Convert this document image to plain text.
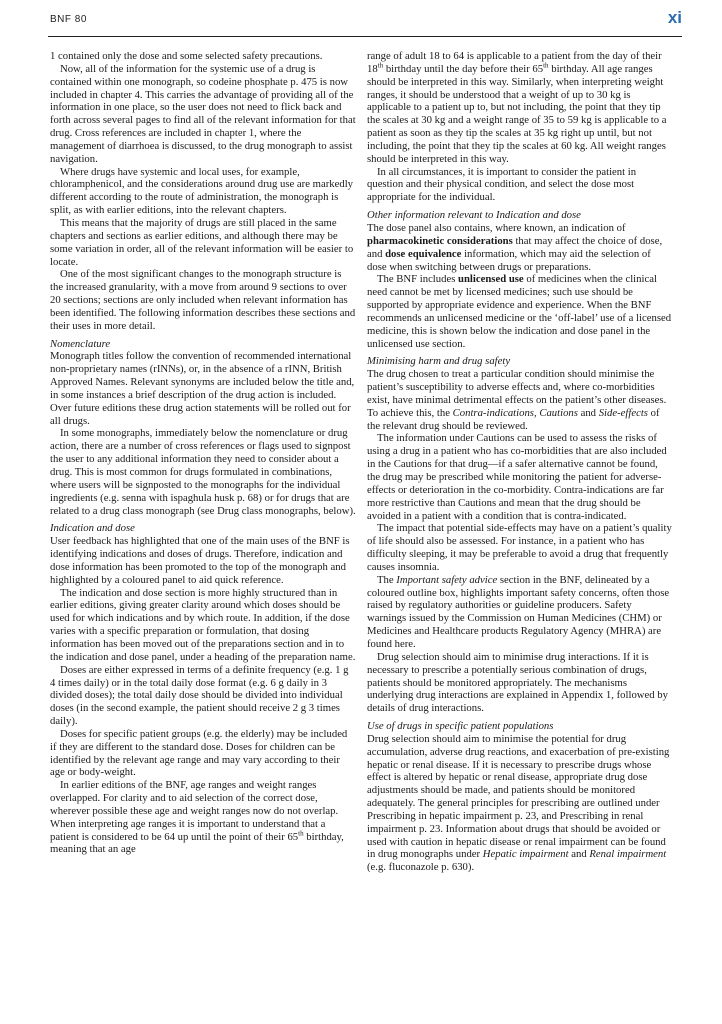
BNF 80	xi

1 contained only the dose and some selected safety precautions.

Now, all of the information for the systemic use of a drug is contained within one monograph, so codeine phosphate p. 475 is now included in chapter 4. This carries the advantage of providing all of the information in one place, so the user does not need to flick back and forth across several pages to find all of the relevant information for that drug. Cross references are included in chapter 1, where the management of diarrhoea is discussed, to the drug monograph to assist navigation.

Where drugs have systemic and local uses, for example, chloramphenicol, and the considerations around drug use are markedly different according to the route of administration, the monograph is split, as with earlier editions, into the relevant chapters.

This means that the majority of drugs are still placed in the same chapters and sections as earlier editions, and although there may be some variation in order, all of the relevant information will be easier to locate.

One of the most significant changes to the monograph structure is the increased granularity, with a move from around 9 sections to over 20 sections; sections are only included when relevant information has been identified. The following information describes these sections and their uses in more detail.

Nomenclature

Monograph titles follow the convention of recommended international non-proprietary names (rINNs), or, in the absence of a rINN, British Approved Names. Relevant synonyms are included below the title and, in some instances a brief description of the drug action is included. Over future editions these drug action statements will be rolled out for all drugs.

In some monographs, immediately below the nomenclature or drug action, there are a number of cross references or flags used to signpost the user to any additional information they need to consider about a drug. This is most common for drugs formulated in combinations, where users will be signposted to the monographs for the individual ingredients (e.g. senna with ispaghula husk p. 68) or for drugs that are related to a drug class monograph (see Drug class monographs, below).

Indication and dose

User feedback has highlighted that one of the main uses of the BNF is identifying indications and doses of drugs. Therefore, indication and dose information has been promoted to the top of the monograph and highlighted by a coloured panel to aid quick reference.

The indication and dose section is more highly structured than in earlier editions, giving greater clarity around which doses should be used for which indications and by which route. In addition, if the dose varies with a specific preparation or formulation, that dosing information has been moved out of the preparations section and in to the indication and dose panel, under a heading of the preparation name.

Doses are either expressed in terms of a definite frequency (e.g. 1 g 4 times daily) or in the total daily dose format (e.g. 6 g daily in 3 divided doses); the total daily dose should be divided into individual doses (in the second example, the patient should receive 2 g 3 times daily).

Doses for specific patient groups (e.g. the elderly) may be included if they are different to the standard dose. Doses for children can be identified by the relevant age range and may vary according to their age or body-weight.

In earlier editions of the BNF, age ranges and weight ranges overlapped. For clarity and to aid selection of the correct dose, wherever possible these age and weight ranges now do not overlap. When interpreting age ranges it is important to understand that a patient is considered to be 64 up until the point of their 65th birthday, meaning that an age

range of adult 18 to 64 is applicable to a patient from the day of their 18th birthday until the day before their 65th birthday. All age ranges should be interpreted in this way. Similarly, when interpreting weight ranges, it should be understood that a weight of up to 30 kg is applicable to a patient up to, but not including, the point that they tip the scales at 30 kg and a weight range of 35 to 59 kg is applicable to a patient as soon as they tip the scales at 35 kg right up until, but not including, the point that they tip the scales at 60 kg. All weight ranges should be interpreted in this way.

In all circumstances, it is important to consider the patient in question and their physical condition, and select the dose most appropriate for the individual.

Other information relevant to Indication and dose

The dose panel also contains, where known, an indication of pharmacokinetic considerations that may affect the choice of dose, and dose equivalence information, which may aid the selection of dose when switching between drugs or preparations.

The BNF includes unlicensed use of medicines when the clinical need cannot be met by licensed medicines; such use should be supported by appropriate evidence and experience. When the BNF recommends an unlicensed medicine or the ‘off-label’ use of a licensed medicine, this is shown below the indication and dose panel in the unlicensed use section.

Minimising harm and drug safety

The drug chosen to treat a particular condition should minimise the patient’s susceptibility to adverse effects and, where co-morbidities exist, have minimal detrimental effects on the patient’s other diseases. To achieve this, the Contra-indications, Cautions and Side-effects of the relevant drug should be reviewed.

The information under Cautions can be used to assess the risks of using a drug in a patient who has co-morbidities that are also included in the Cautions for that drug—if a safer alternative cannot be found, the drug may be prescribed while monitoring the patient for adverse-effects or deterioration in the co-morbidity. Contra-indications are far more restrictive than Cautions and mean that the drug should be avoided in a patient with a condition that is contra-indicated.

The impact that potential side-effects may have on a patient’s quality of life should also be assessed. For instance, in a patient who has difficulty sleeping, it may be preferable to avoid a drug that frequently causes insomnia.

The Important safety advice section in the BNF, delineated by a coloured outline box, highlights important safety concerns, often those raised by regulatory authorities or guideline producers. Safety warnings issued by the Commission on Human Medicines (CHM) or Medicines and Healthcare products Regulatory Agency (MHRA) are found here.

Drug selection should aim to minimise drug interactions. If it is necessary to prescribe a potentially serious combination of drugs, patients should be monitored appropriately. The mechanisms underlying drug interactions are explained in Appendix 1, followed by details of drug interactions.

Use of drugs in specific patient populations

Drug selection should aim to minimise the potential for drug accumulation, adverse drug reactions, and exacerbation of pre-existing hepatic or renal disease. If it is necessary to prescribe drugs whose effect is altered by hepatic or renal disease, appropriate drug dose adjustments should be made, and patients should be monitored adequately. The general principles for prescribing are outlined under Prescribing in hepatic impairment p. 23, and Prescribing in renal impairment p. 23. Information about drugs that should be avoided or used with caution in hepatic disease or renal impairment can be found in drug monographs under Hepatic impairment and Renal impairment (e.g. fluconazole p. 630).
